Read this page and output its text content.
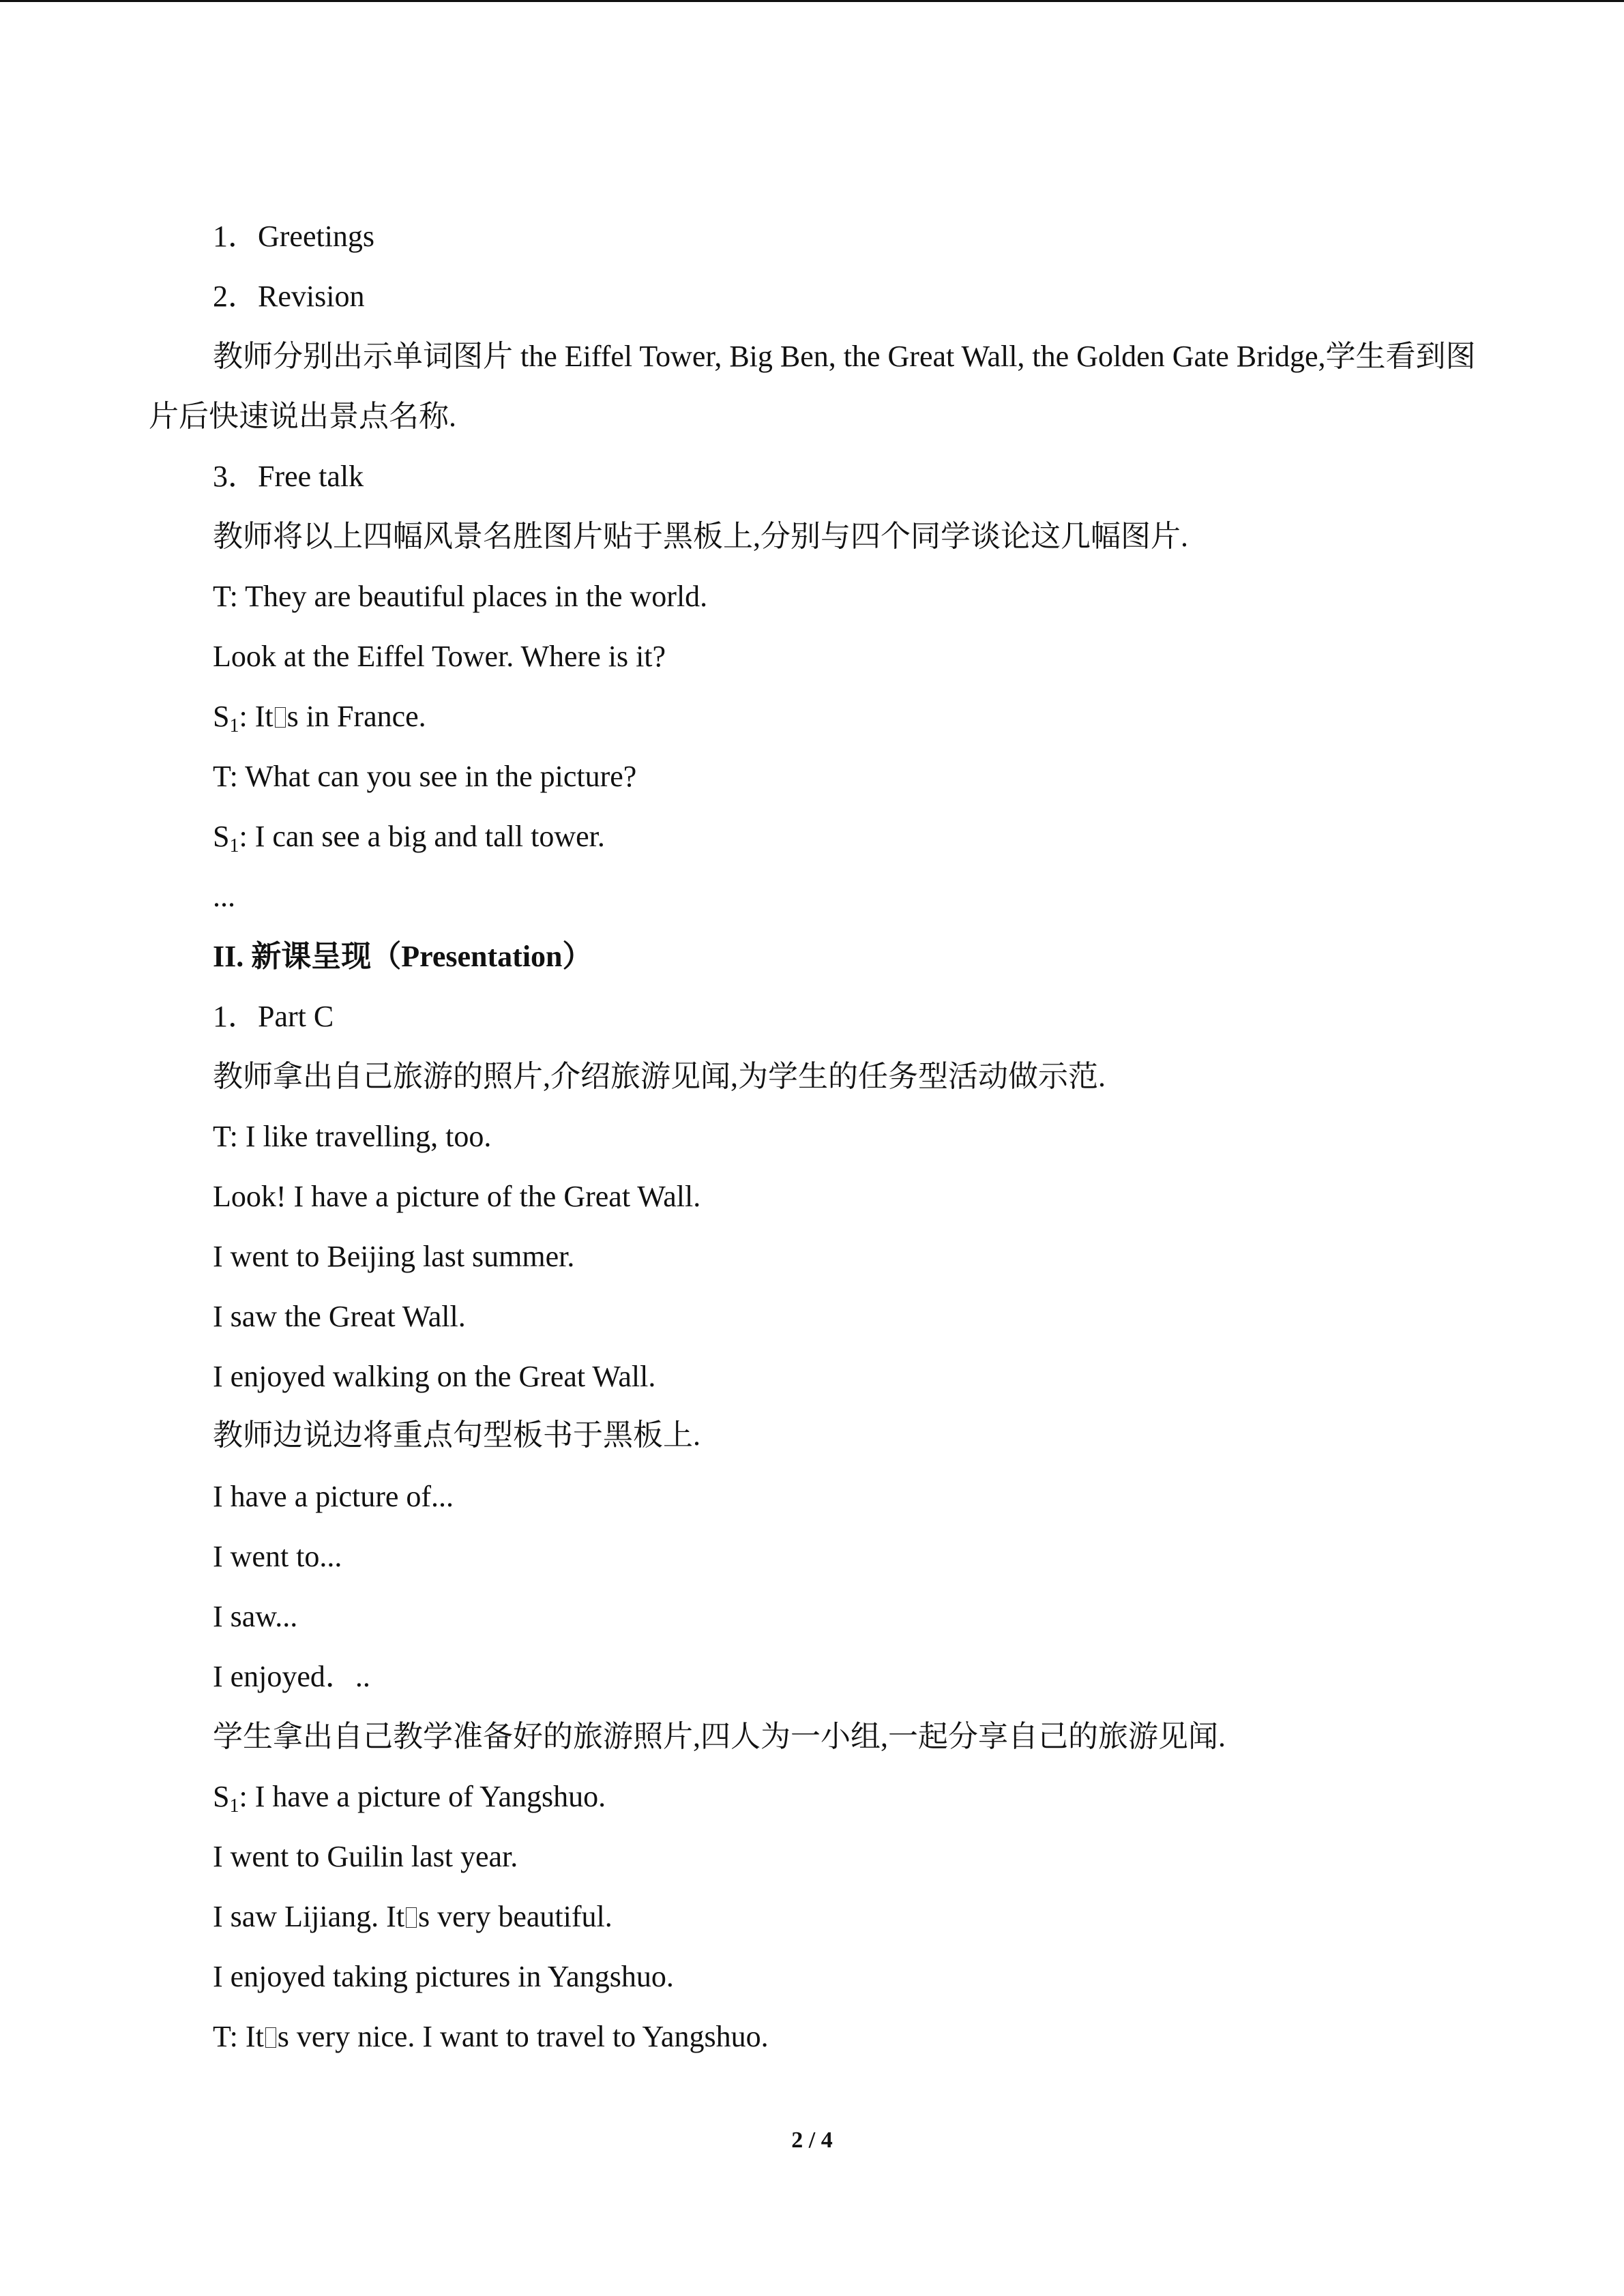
1．Greetings
2．Revision
教师分别出示单词图片 the Eiffel Tower, Big Ben, the Great Wall, the Golden Gate Bridge,学生看到图片后快速说出景点名称.
3．Free talk
教师将以上四幅风景名胜图片贴于黑板上,分别与四个同学谈论这几幅图片.
T: They are beautiful places in the world.
Look at the Eiffel Tower. Where is it?
$S_1$: It s in France.
T: What can you see in the picture?
$S_1$: I can see a big and tall tower.
...
II. 新课呈现（Presentation）
1．Part C
教师拿出自己旅游的照片,介绍旅游见闻,为学生的任务型活动做示范.
T: I like travelling, too.
Look! I have a picture of the Great Wall.
I went to Beijing last summer.
I saw the Great Wall.
I enjoyed walking on the Great Wall.
教师边说边将重点句型板书于黑板上.
I have a picture of...
I went to...
I saw...
I enjoyed．..
学生拿出自己教学准备好的旅游照片,四人为一小组,一起分享自己的旅游见闻.
$S_1$: I have a picture of Yangshuo.
I went to Guilin last year.
I saw Lijiang. It s very beautiful.
I enjoyed taking pictures in Yangshuo.
T: It s very nice. I want to travel to Yangshuo.
2 / 4
